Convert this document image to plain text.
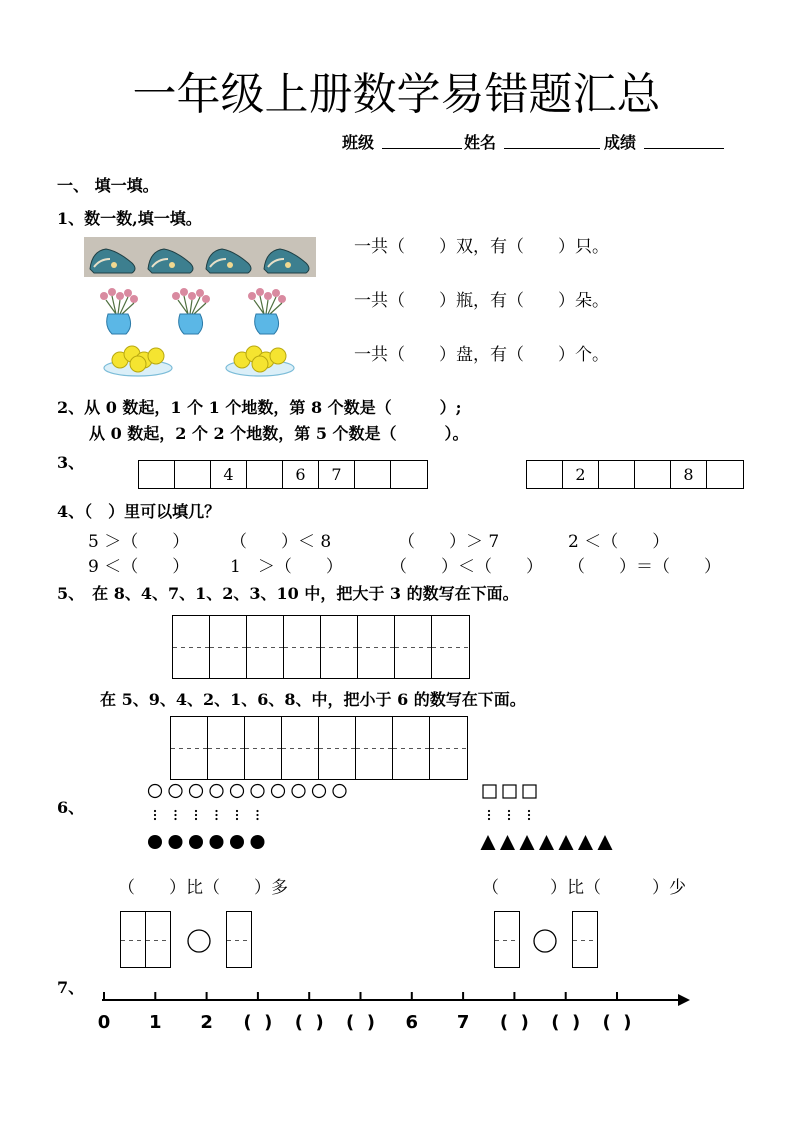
一年级上册数学易错题汇总
班级	姓名	成绩
一、 填一填。
1、数一数,填一填。
一共（　　）双，有（　　）只。
一共（　　）瓶，有（　　）朵。
一共（　　）盘，有（　　）个。
2、从 0 数起，1 个 1 个地数，第 8 个数是（　　　）;
从 0 数起，2 个 2 个地数，第 5 个数是（　　　）。
3、
4	6	7	2	8
4、（　）里可以填几？
5 ＞（　　） （　　）＜ 8	（　　）＞ 7	2 ＜（　　）
9 ＜（　　） 1　＞（　　）	（　　）＜（　　） （　　）＝（　　）
5、　在 8、4、7、1、2、3、10 中，把大于 3 的数写在下面。
在 5、9、4、2、1、6、8、中，把小于 6 的数写在下面。
6、
（　　）比（　　）多	（　　　）比（　　　）少
7、
0 1 2 (  ) (  ) (  ) 6 7 (  ) (  ) (  )
